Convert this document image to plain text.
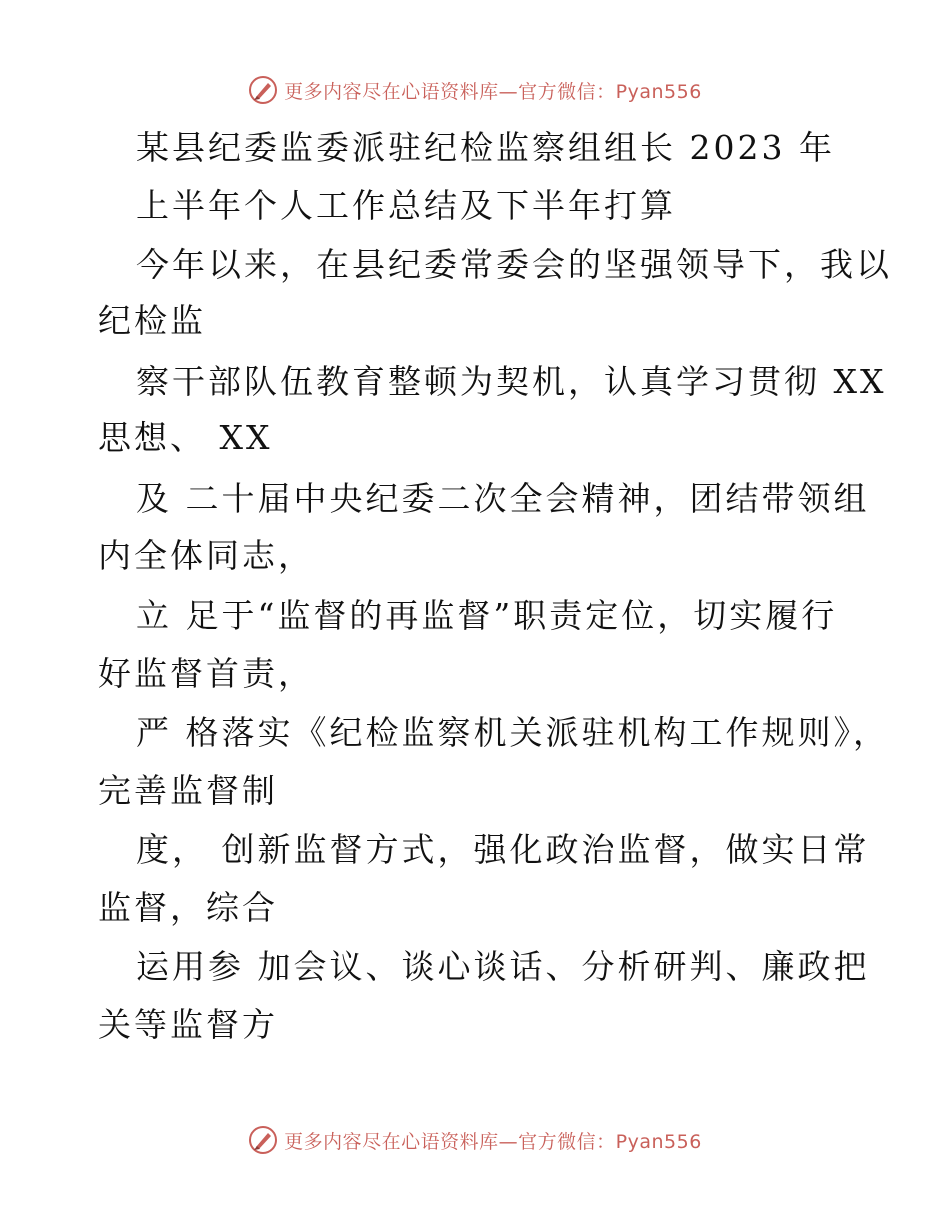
更多内容尽在心语资料库—官方微信：Pyan556
某县纪委监委派驻纪检监察组组长 2023 年
上半年个人工作总结及下半年打算
今年以来，在县纪委常委会的坚强领导下，我以
纪检监
察干部队伍教育整顿为契机，认真学习贯彻 XX
思想、 XX
及 二十届中央纪委二次全会精神，团结带领组
内全体同志，
立 足于“监督的再监督”职责定位，切实履行
好监督首责，
严 格落实《纪检监察机关派驻机构工作规则》，
完善监督制
度， 创新监督方式，强化政治监督，做实日常
监督，综合
运用参 加会议、谈心谈话、分析研判、廉政把
关等监督方
更多内容尽在心语资料库—官方微信：Pyan556
